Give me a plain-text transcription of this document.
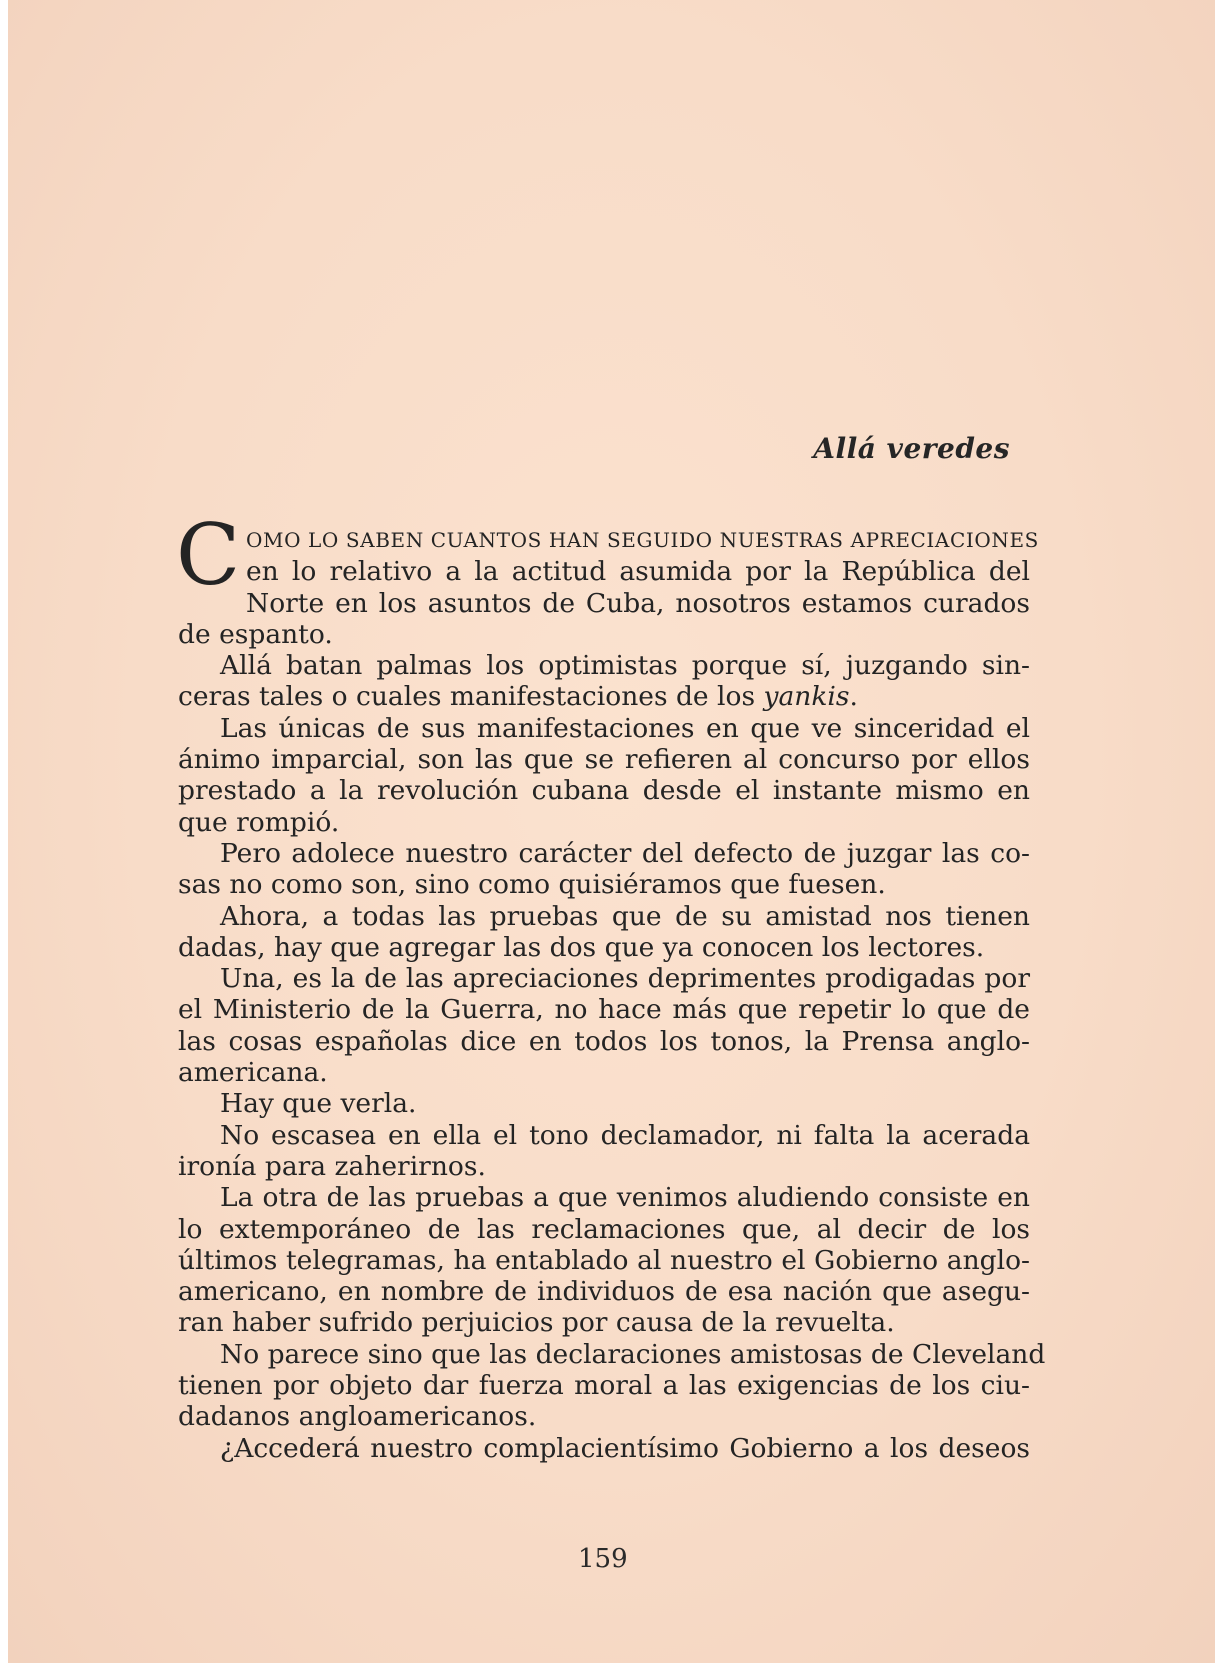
Allá veredes
C OMO LO SABEN CUANTOS HAN SEGUIDO NUESTRAS APRECIACIONES
en lo relativo a la actitud asumida por la República del
Norte en los asuntos de Cuba, nosotros estamos curados
de espanto.
Allá batan palmas los optimistas porque sí, juzgando sin-
ceras tales o cuales manifestaciones de los yankis.
Las únicas de sus manifestaciones en que ve sinceridad el
ánimo imparcial, son las que se refieren al concurso por ellos
prestado a la revolución cubana desde el instante mismo en
que rompió.
Pero adolece nuestro carácter del defecto de juzgar las co-
sas no como son, sino como quisiéramos que fuesen.
Ahora, a todas las pruebas que de su amistad nos tienen
dadas, hay que agregar las dos que ya conocen los lectores.
Una, es la de las apreciaciones deprimentes prodigadas por
el Ministerio de la Guerra, no hace más que repetir lo que de
las cosas españolas dice en todos los tonos, la Prensa anglo-
americana.
Hay que verla.
No escasea en ella el tono declamador, ni falta la acerada
ironía para zaherirnos.
La otra de las pruebas a que venimos aludiendo consiste en
lo extemporáneo de las reclamaciones que, al decir de los
últimos telegramas, ha entablado al nuestro el Gobierno anglo-
americano, en nombre de individuos de esa nación que asegu-
ran haber sufrido perjuicios por causa de la revuelta.
No parece sino que las declaraciones amistosas de Cleveland
tienen por objeto dar fuerza moral a las exigencias de los ciu-
dadanos angloamericanos.
¿Accederá nuestro complacientísimo Gobierno a los deseos
159
